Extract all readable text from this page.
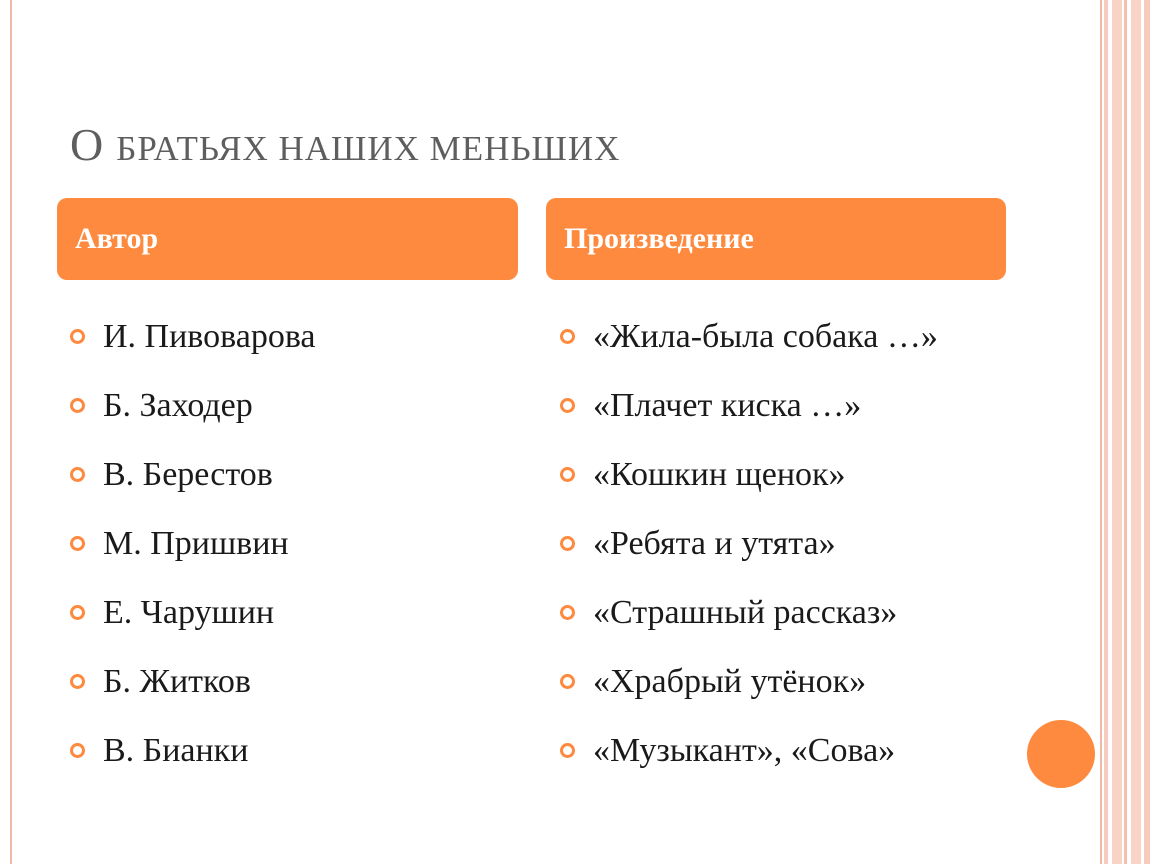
О БРАТЬЯХ НАШИХ МЕНЬШИХ
Автор	Произведение
И. Пивоварова
Б. Заходер
В. Берестов
М. Пришвин
Е. Чарушин
Б. Житков
В. Бианки
«Жила-была собака …»
«Плачет киска …»
«Кошкин щенок»
«Ребята и утята»
«Страшный рассказ»
«Храбрый утёнок»
«Музыкант», «Сова»
